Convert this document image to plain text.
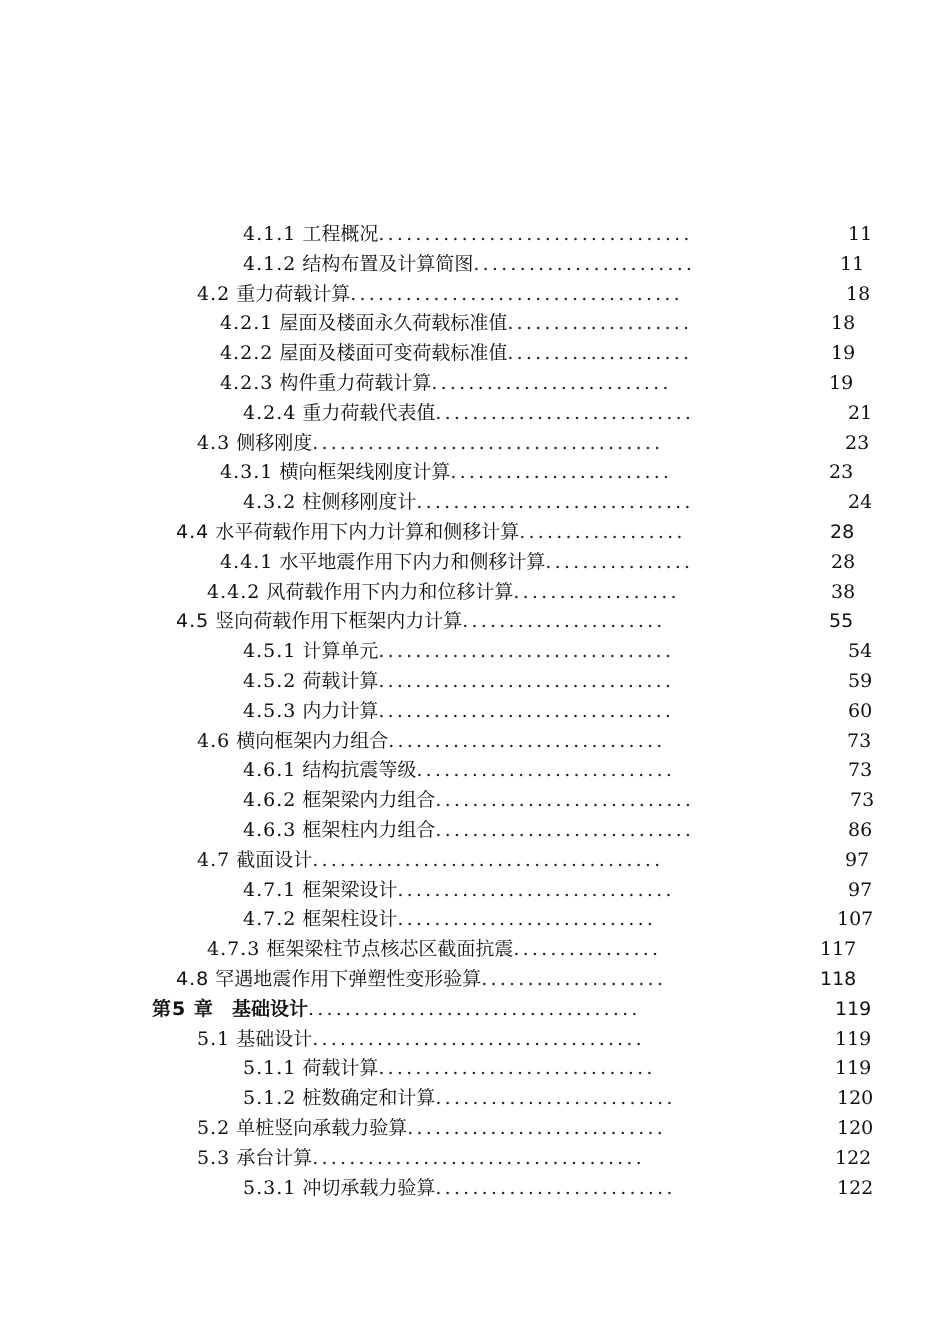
4.1.1 工程概况..................................	11
4.1.2 结构布置及计算简图........................	11
4.2 重力荷载计算....................................	18
4.2.1 屋面及楼面永久荷载标准值....................	18
4.2.2 屋面及楼面可变荷载标准值....................	19
4.2.3 构件重力荷载计算..........................	19
4.2.4 重力荷载代表值............................	21
4.3 侧移刚度......................................	23
4.3.1 横向框架线刚度计算........................	23
4.3.2 柱侧移刚度计..............................	24
4.4 水平荷载作用下内力计算和侧移计算..................	28
4.4.1 水平地震作用下内力和侧移计算................	28
4.4.2 风荷载作用下内力和位移计算..................	38
4.5 竖向荷载作用下框架内力计算......................	55
4.5.1 计算单元................................	54
4.5.2 荷载计算................................	59
4.5.3 内力计算................................	60
4.6 横向框架内力组合..............................	73
4.6.1 结构抗震等级............................	73
4.6.2 框架梁内力组合............................	73
4.6.3 框架柱内力组合............................	86
4.7 截面设计......................................	97
4.7.1 框架梁设计..............................	97
4.7.2 框架柱设计............................	107
4.7.3 框架梁柱节点核芯区截面抗震................	117
4.8 罕遇地震作用下弹塑性变形验算....................	118
第5 章 基础设计....................................	119
5.1 基础设计....................................	119
5.1.1 荷载计算..............................	119
5.1.2 桩数确定和计算..........................	120
5.2 单桩竖向承载力验算............................	120
5.3 承台计算....................................	122
5.3.1 冲切承载力验算..........................	122
